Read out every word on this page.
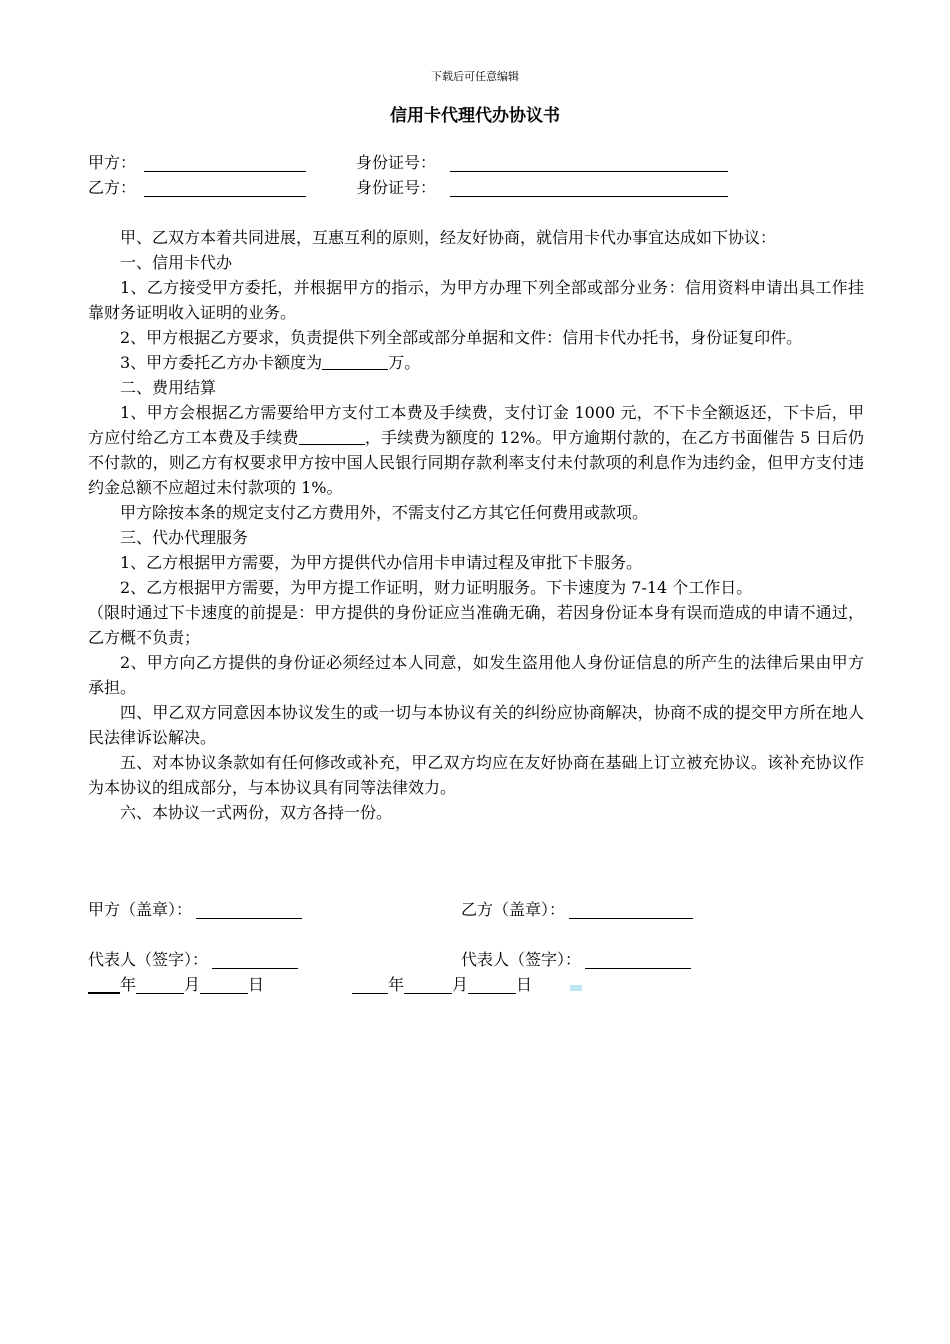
下载后可任意编辑
信用卡代理代办协议书
甲方：	身份证号：
乙方：	身份证号：

甲、乙双方本着共同进展，互惠互利的原则，经友好协商，就信用卡代办事宜达成如下协议：

一、信用卡代办

1、乙方接受甲方委托，并根据甲方的指示，为甲方办理下列全部或部分业务：信用资料申请出具工作挂靠财务证明收入证明的业务。

2、甲方根据乙方要求，负责提供下列全部或部分单据和文件：信用卡代办托书，身份证复印件。

3、甲方委托乙方办卡额度为	万。

二、费用结算

1、甲方会根据乙方需要给甲方支付工本费及手续费，支付订金 1000 元，不下卡全额返还，下卡后，甲方应付给乙方工本费及手续费	，手续费为额度的 12%。甲方逾期付款的，在乙方书面催告 5 日后仍不付款的，则乙方有权要求甲方按中国人民银行同期存款利率支付未付款项的利息作为违约金，但甲方支付违约金总额不应超过未付款项的 1%。

甲方除按本条的规定支付乙方费用外，不需支付乙方其它任何费用或款项。

三、代办代理服务

1、乙方根据甲方需要，为甲方提供代办信用卡申请过程及审批下卡服务。

2、乙方根据甲方需要，为甲方提工作证明，财力证明服务。下卡速度为 7-14 个工作日。

（限时通过下卡速度的前提是：甲方提供的身份证应当准确无确，若因身份证本身有误而造成的申请不通过，乙方概不负责；

2、甲方向乙方提供的身份证必须经过本人同意，如发生盗用他人身份证信息的所产生的法律后果由甲方承担。

四、甲乙双方同意因本协议发生的或一切与本协议有关的纠纷应协商解决，协商不成的提交甲方所在地人民法律诉讼解决。

五、对本协议条款如有任何修改或补充，甲乙双方均应在友好协商在基础上订立被充协议。该补充协议作为本协议的组成部分，与本协议具有同等法律效力。

六、本协议一式两份，双方各持一份。

甲方（盖章）：	乙方（盖章）：
代表人（签字）：	代表人（签字）：
年	月	日	年	月	日
